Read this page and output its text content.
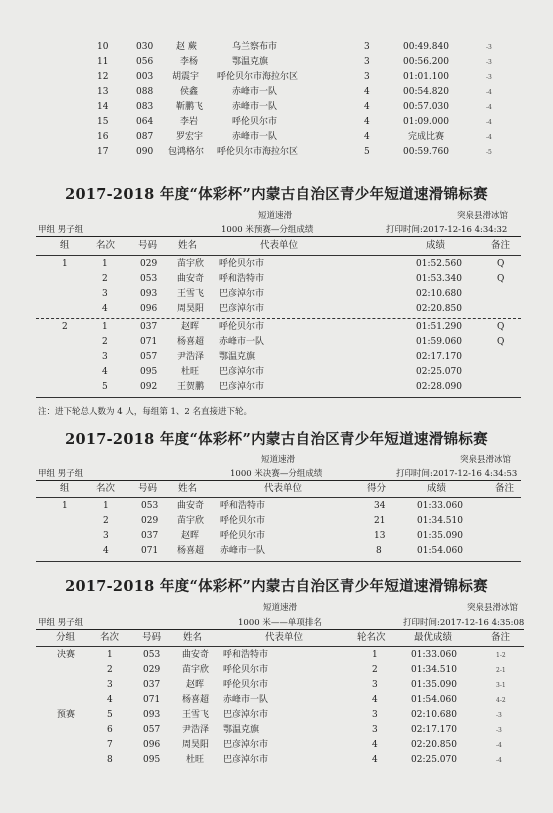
10	030	赵 蕨	乌兰察布市	3	00:49.840	-3
11	056	李杨	鄂温克旗	3	00:56.200	-3
12	003 胡震宇 呼伦贝尔市海拉尔区	3	01:01.100	-3
13	088	侯鑫	赤峰市一队	4	00:54.820	-4
14	083	靳鹏飞	赤峰市一队	4	00:57.030	-4
15	064	李岩	呼伦贝尔市	4	01:09.000	-4
16	087	罗宏宇	赤峰市一队	4	完成比赛	-4
17	090 包鸿格尔 呼伦贝尔市海拉尔区	5	00:59.760	-5
2017-2018 年度“体彩杯”内蒙古自治区青少年短道速滑锦标赛
短道速滑	突泉县滑冰馆
甲组 男子组	1000 米预赛—分组成绩	打印时间:2017-12-16 4:34:32
组	名次 号码 姓名	代表单位	成绩	备注
1	1	029 苗宇欣 呼伦贝尔市	01:52.560	Q
2	053 曲安奇 呼和浩特市	01:53.340	Q
3	093 王雪飞 巴彦淖尔市	02:10.680
4	096 周昊阳 巴彦淖尔市	02:20.850
2	1	037	赵晖 呼伦贝尔市	01:51.290	Q
2	071 杨喜超 赤峰市一队	01:59.060	Q
3	057 尹浩泽 鄂温克旗	02:17.170
4	095	杜旺 巴彦淖尔市	02:25.070
5	092 王贺鹏 巴彦淖尔市	02:28.090
注：进下轮总人数为 4 人，每组第 1、2 名直接进下轮。
2017-2018 年度“体彩杯”内蒙古自治区青少年短道速滑锦标赛
短道速滑	突泉县滑冰馆
甲组 男子组	1000 米决赛—分组成绩	打印时间:2017-12-16 4:34:53
组	名次 号码 姓名	代表单位	得分	成绩	备注
1	1	053 曲安奇 呼和浩特市	34	01:33.060
2	029 苗宇欣 呼伦贝尔市	21	01:34.510
3	037	赵晖 呼伦贝尔市	13	01:35.090
4	071 杨喜超 赤峰市一队	8	01:54.060
2017-2018 年度“体彩杯”内蒙古自治区青少年短道速滑锦标赛
短道速滑	突泉县滑冰馆
甲组 男子组	1000 米——单项排名	打印时间:2017-12-16 4:35:08
分组	名次 号码 姓名	代表单位	轮名次	最优成绩	备注
决赛	1	053 曲安奇 呼和浩特市	1	01:33.060	1-2
2	029 苗宇欣 呼伦贝尔市	2	01:34.510	2-1
3	037	赵晖 呼伦贝尔市	3	01:35.090	3-1
4	071 杨喜超 赤峰市一队	4	01:54.060	4-2
预赛	5	093 王雪飞 巴彦淖尔市	3	02:10.680	-3
6	057 尹浩泽 鄂温克旗	3	02:17.170	-3
7	096 周昊阳 巴彦淖尔市	4	02:20.850	-4
8	095	杜旺 巴彦淖尔市	4	02:25.070	-4
